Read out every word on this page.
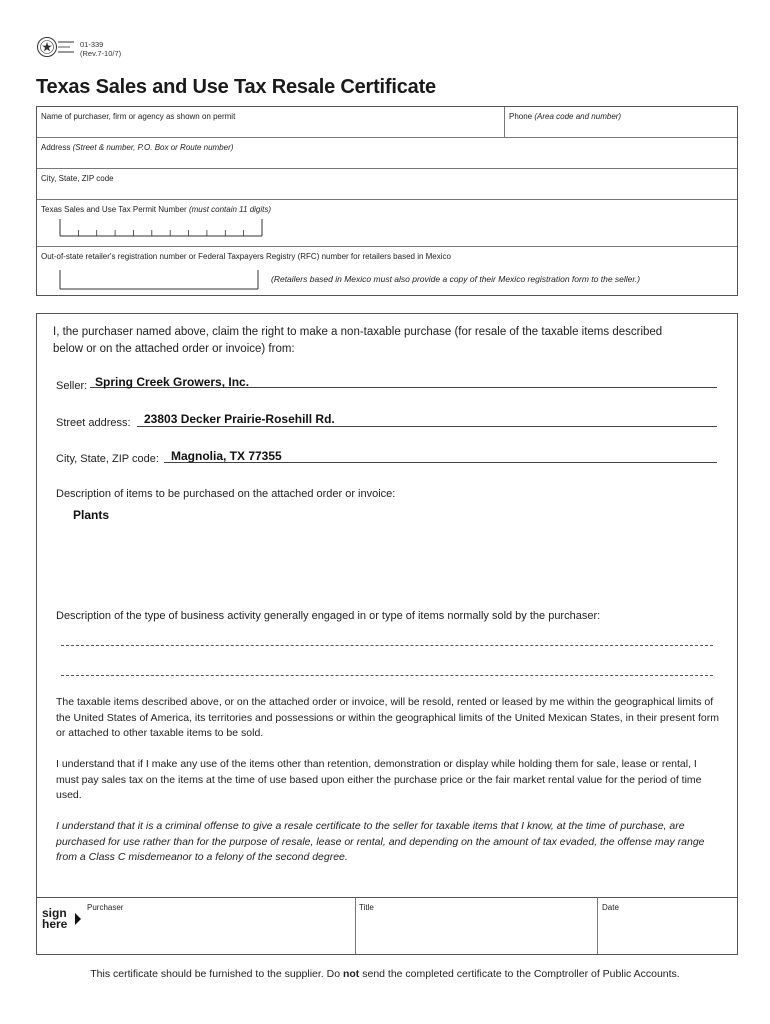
01-339
(Rev.7-10/7)
Texas Sales and Use Tax Resale Certificate
Name of purchaser, firm or agency as shown on permit	Phone (Area code and number)
Address (Street & number, P.O. Box or Route number)
City, State, ZIP code
Texas Sales and Use Tax Permit Number (must contain 11 digits)
Out-of-state retailer's registration number or Federal Taxpayers Registry (RFC) number for retailers based in Mexico
(Retailers based in Mexico must also provide a copy of their Mexico registration form to the seller.)
I, the purchaser named above, claim the right to make a non-taxable purchase (for resale of the taxable items described below or on the attached order or invoice) from:
Seller: Spring Creek Growers, Inc.
Street address: 23803 Decker Prairie-Rosehill Rd.
City, State, ZIP code: Magnolia, TX 77355
Description of items to be purchased on the attached order or invoice:
Plants
Description of the type of business activity generally engaged in or type of items normally sold by the purchaser:
The taxable items described above, or on the attached order or invoice, will be resold, rented or leased by me within the geographical limits of the United States of America, its territories and possessions or within the geographical limits of the United Mexican States, in their present form or attached to other taxable items to be sold.
I understand that if I make any use of the items other than retention, demonstration or display while holding them for sale, lease or rental, I must pay sales tax on the items at the time of use based upon either the purchase price or the fair market rental value for the period of time used.
I understand that it is a criminal offense to give a resale certificate to the seller for taxable items that I know, at the time of purchase, are purchased for use rather than for the purpose of resale, lease or rental, and depending on the amount of tax evaded, the offense may range from a Class C misdemeanor to a felony of the second degree.
Purchaser	Title	Date
sign
here
This certificate should be furnished to the supplier. Do not send the completed certificate to the Comptroller of Public Accounts.
